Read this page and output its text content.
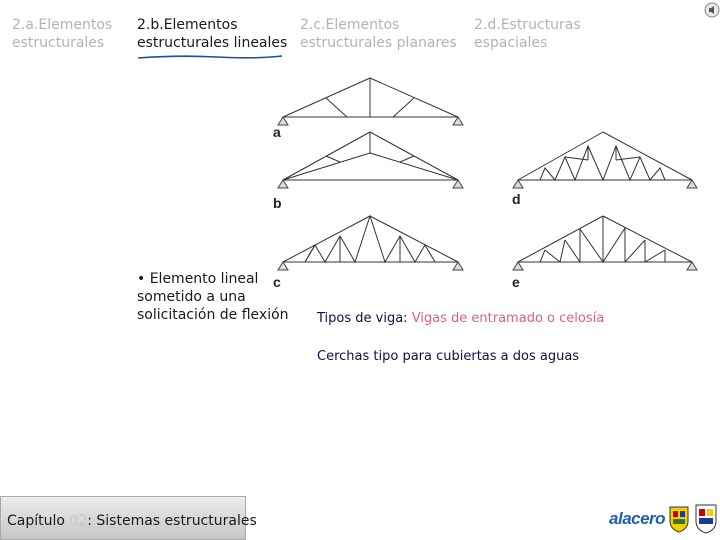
2.a.Elementos
estructurales
2.b.Elementos
estructurales lineales
2.c.Elementos
estructurales planares
2.d.Estructuras
espaciales
a
b
c
d
e
• Elemento lineal sometido a una solicitación de flexión	Tipos de viga: Vigas de entramado o celosía
Cerchas tipo para cubiertas a dos aguas
Capítulo 02: Sistemas estructurales	alacero
